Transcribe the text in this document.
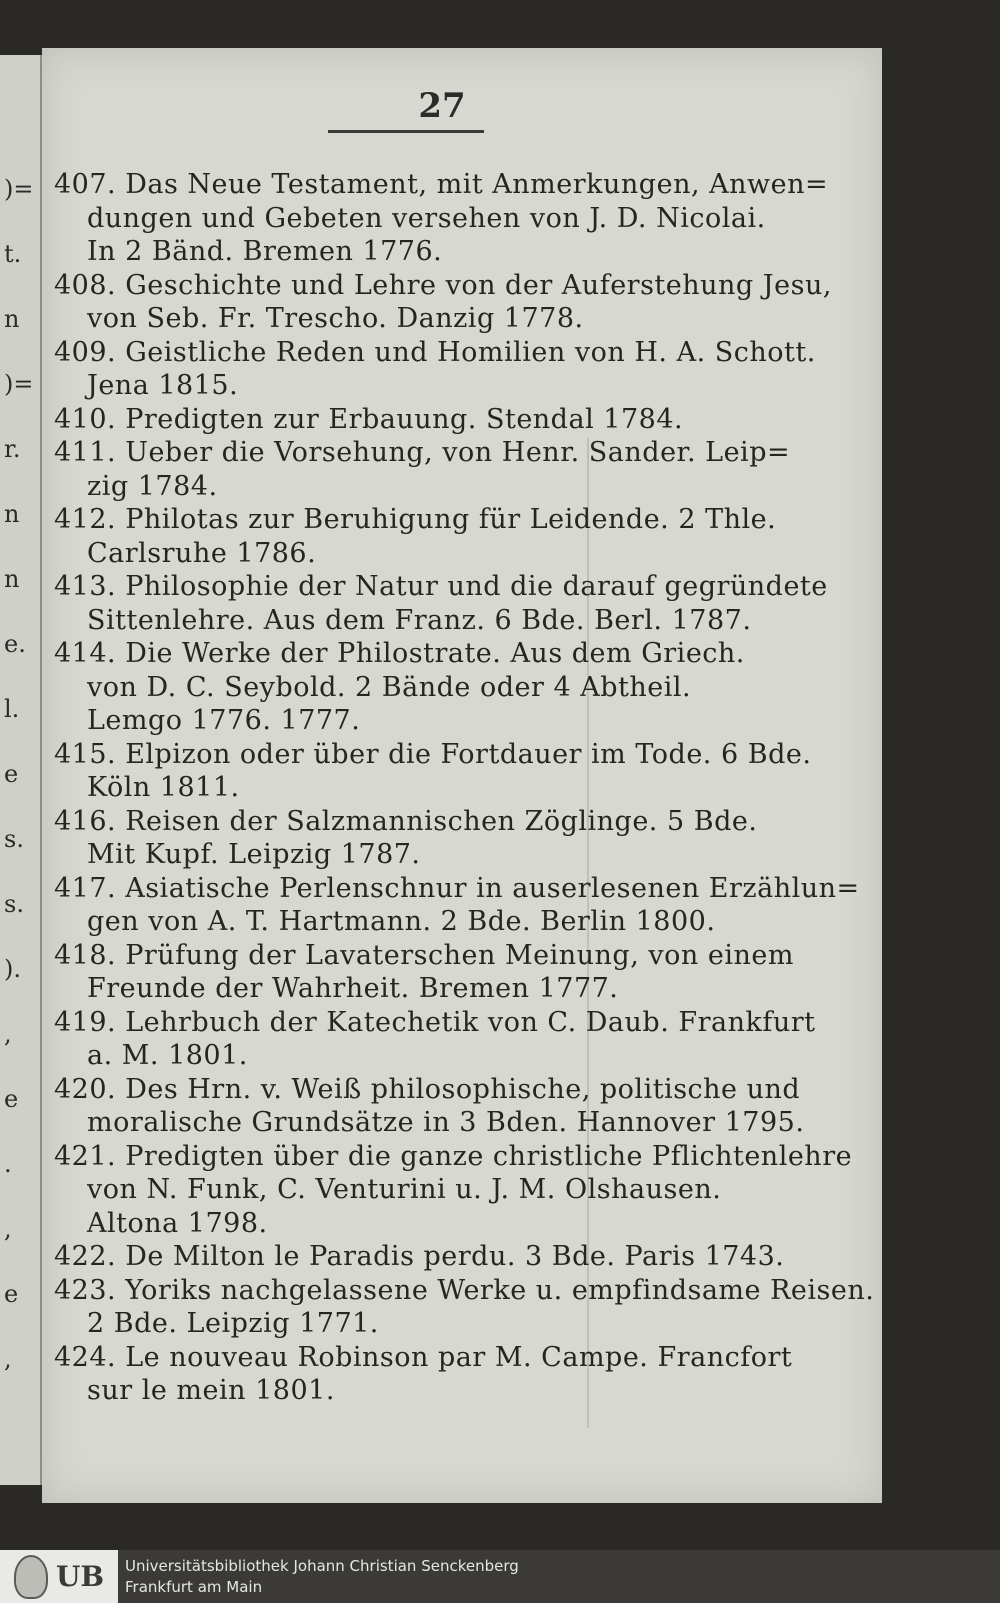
)=
t.
n
)=
r.
n
n
e.
l.
e
s.
s.
).
,
e
.
,
e
,
27
407. Das Neue Testament, mit Anmerkungen, Anwen=
dungen und Gebeten versehen von J. D. Nicolai.
In 2 Bänd. Bremen 1776.
408. Geschichte und Lehre von der Auferstehung Jesu,
von Seb. Fr. Trescho. Danzig 1778.
409. Geistliche Reden und Homilien von H. A. Schott.
Jena 1815.
410. Predigten zur Erbauung. Stendal 1784.
411. Ueber die Vorsehung, von Henr. Sander. Leip=
zig 1784.
412. Philotas zur Beruhigung für Leidende. 2 Thle.
Carlsruhe 1786.
413. Philosophie der Natur und die darauf gegründete
Sittenlehre. Aus dem Franz. 6 Bde. Berl. 1787.
414. Die Werke der Philostrate. Aus dem Griech.
von D. C. Seybold. 2 Bände oder 4 Abtheil.
Lemgo 1776. 1777.
415. Elpizon oder über die Fortdauer im Tode. 6 Bde.
Köln 1811.
416. Reisen der Salzmannischen Zöglinge. 5 Bde.
Mit Kupf. Leipzig 1787.
417. Asiatische Perlenschnur in auserlesenen Erzählun=
gen von A. T. Hartmann. 2 Bde. Berlin 1800.
418. Prüfung der Lavaterschen Meinung, von einem
Freunde der Wahrheit. Bremen 1777.
419. Lehrbuch der Katechetik von C. Daub. Frankfurt
a. M. 1801.
420. Des Hrn. v. Weiß philosophische, politische und
moralische Grundsätze in 3 Bden. Hannover 1795.
421. Predigten über die ganze christliche Pflichtenlehre
von N. Funk, C. Venturini u. J. M. Olshausen.
Altona 1798.
422. De Milton le Paradis perdu. 3 Bde. Paris 1743.
423. Yoriks nachgelassene Werke u. empfindsame Reisen.
2 Bde. Leipzig 1771.
424. Le nouveau Robinson par M. Campe. Francfort
sur le mein 1801.
UB Universitätsbibliothek Johann Christian Senckenberg
Frankfurt am Main
